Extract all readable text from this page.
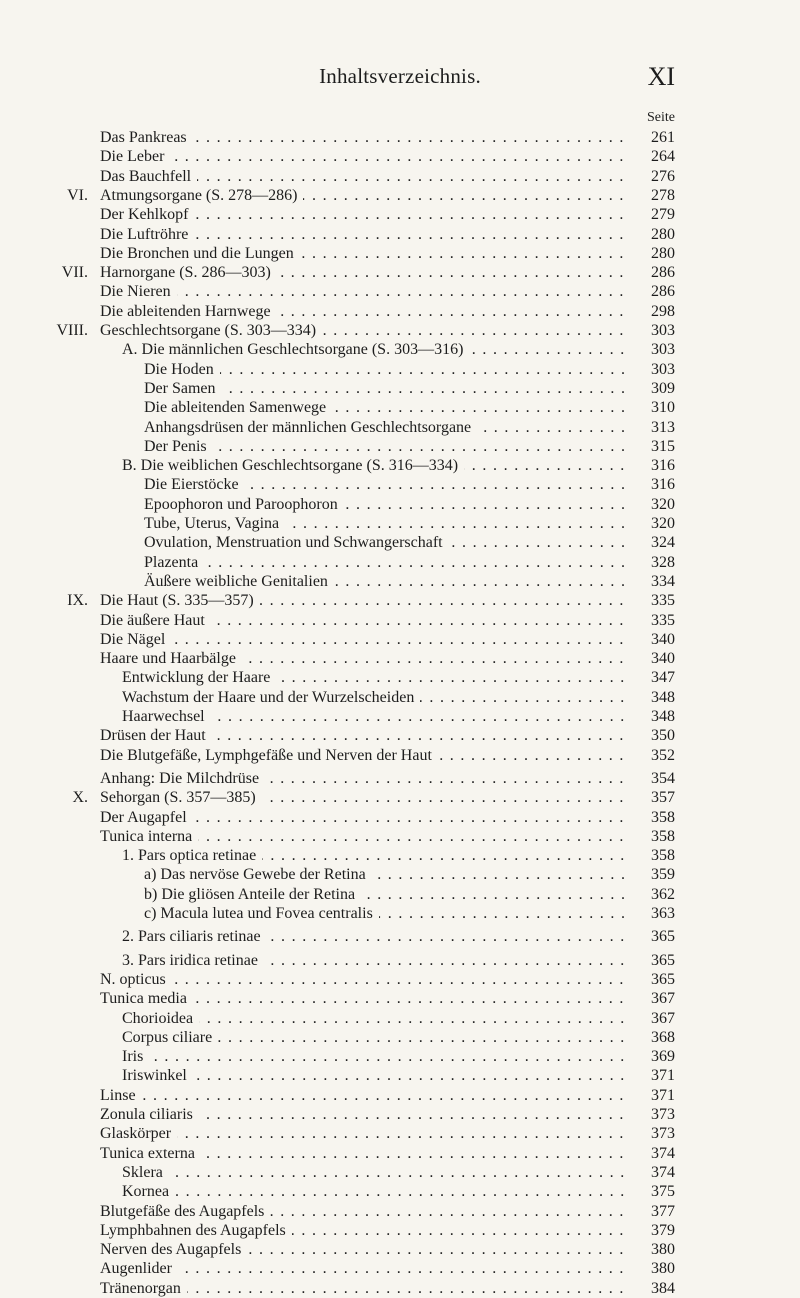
Inhaltsverzeichnis.	XI
Seite
Das Pankreas . . .	261
Die Leber . . .	264
Das Bauchfell . . .	276
VI. Atmungsorgane (S. 278—286) . . .	278
Der Kehlkopf . . .	279
Die Luftröhre . . .	280
Die Bronchen und die Lungen . . .	280
VII. Harnorgane (S. 286—303) . . .	286
Die Nieren . . .	286
Die ableitenden Harnwege . . .	298
VIII. Geschlechtsorgane (S. 303—334) . . .	303
A. Die männlichen Geschlechtsorgane (S. 303—316) . . .	303
Die Hoden . . .	303
Der Samen . . .	309
Die ableitenden Samenwege . . .	310
Anhangsdrüsen der männlichen Geschlechtsorgane . . .	313
Der Penis . . .	315
B. Die weiblichen Geschlechtsorgane (S. 316—334) . . .	316
Die Eierstöcke . . .	316
Epoophoron und Paroophoron . . .	320
Tube, Uterus, Vagina . . .	320
Ovulation, Menstruation und Schwangerschaft . . .	324
Plazenta . . .	328
Äußere weibliche Genitalien . . .	334
IX. Die Haut (S. 335—357) . . .	335
Die äußere Haut . . .	335
Die Nägel . . .	340
Haare und Haarbälge . . .	340
Entwicklung der Haare . . .	347
Wachstum der Haare und der Wurzelscheiden . . .	348
Haarwechsel . . .	348
Drüsen der Haut . . .	350
Die Blutgefäße, Lymphgefäße und Nerven der Haut . . .	352
Anhang: Die Milchdrüse . . .	354
X. Sehorgan (S. 357—385) . . .	357
Der Augapfel . . .	358
Tunica interna . . .	358
1. Pars optica retinae . . .	358
a) Das nervöse Gewebe der Retina . . .	359
b) Die gliösen Anteile der Retina . . .	362
c) Macula lutea und Fovea centralis . . .	363
2. Pars ciliaris retinae . . .	365
3. Pars iridica retinae . . .	365
N. opticus . . .	365
Tunica media . . .	367
Chorioidea . . .	367
Corpus ciliare . . .	368
Iris . . .	369
Iriswinkel . . .	371
Linse . . .	371
Zonula ciliaris . . .	373
Glaskörper . . .	373
Tunica externa . . .	374
Sklera . . .	374
Kornea . . .	375
Blutgefäße des Augapfels . . .	377
Lymphbahnen des Augapfels . . .	379
Nerven des Augapfels . . .	380
Augenlider . . .	380
Tränenorgan . . .	384
